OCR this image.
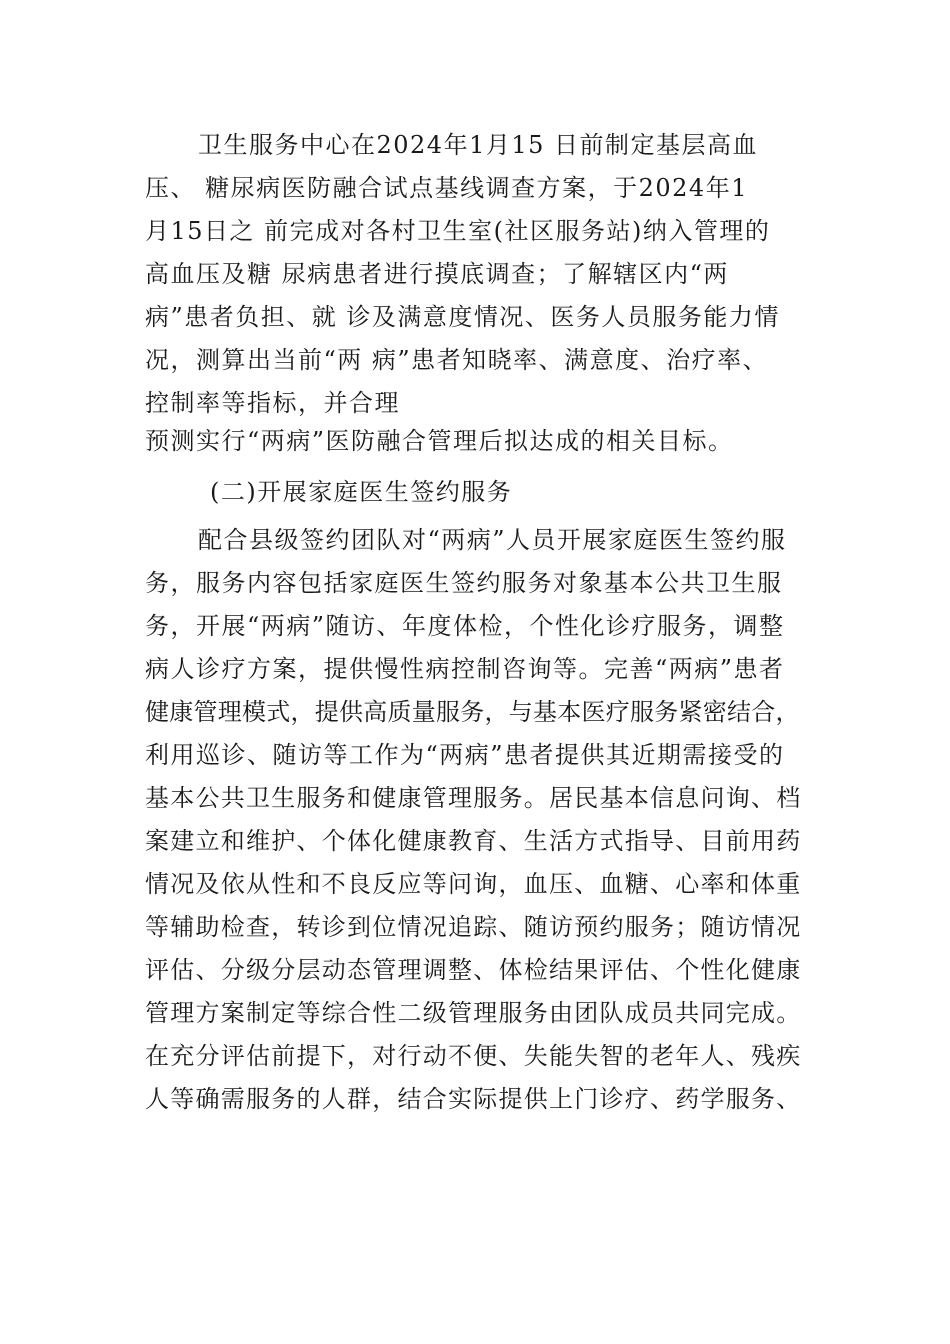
卫生服务中心在2024年1月15 日前制定基层高血
压、 糖尿病医防融合试点基线调查方案，于2024年1
月15日之 前完成对各村卫生室(社区服务站)纳入管理的
高血压及糖 尿病患者进行摸底调查；了解辖区内“两
病”患者负担、就 诊及满意度情况、医务人员服务能力情
况，测算出当前“两 病”患者知晓率、满意度、治疗率、
控制率等指标，并合理
预测实行“两病”医防融合管理后拟达成的相关目标。
(二)开展家庭医生签约服务
配合县级签约团队对“两病”人员开展家庭医生签约服
务，服务内容包括家庭医生签约服务对象基本公共卫生服
务，开展“两病”随访、年度体检，个性化诊疗服务，调整
病人诊疗方案，提供慢性病控制咨询等。完善“两病”患者
健康管理模式，提供高质量服务，与基本医疗服务紧密结合，
利用巡诊、随访等工作为“两病”患者提供其近期需接受的
基本公共卫生服务和健康管理服务。居民基本信息问询、档
案建立和维护、个体化健康教育、生活方式指导、目前用药
情况及依从性和不良反应等问询，血压、血糖、心率和体重
等辅助检查，转诊到位情况追踪、随访预约服务；随访情况
评估、分级分层动态管理调整、体检结果评估、个性化健康
管理方案制定等综合性二级管理服务由团队成员共同完成。
在充分评估前提下，对行动不便、失能失智的老年人、残疾
人等确需服务的人群，结合实际提供上门诊疗、药学服务、
